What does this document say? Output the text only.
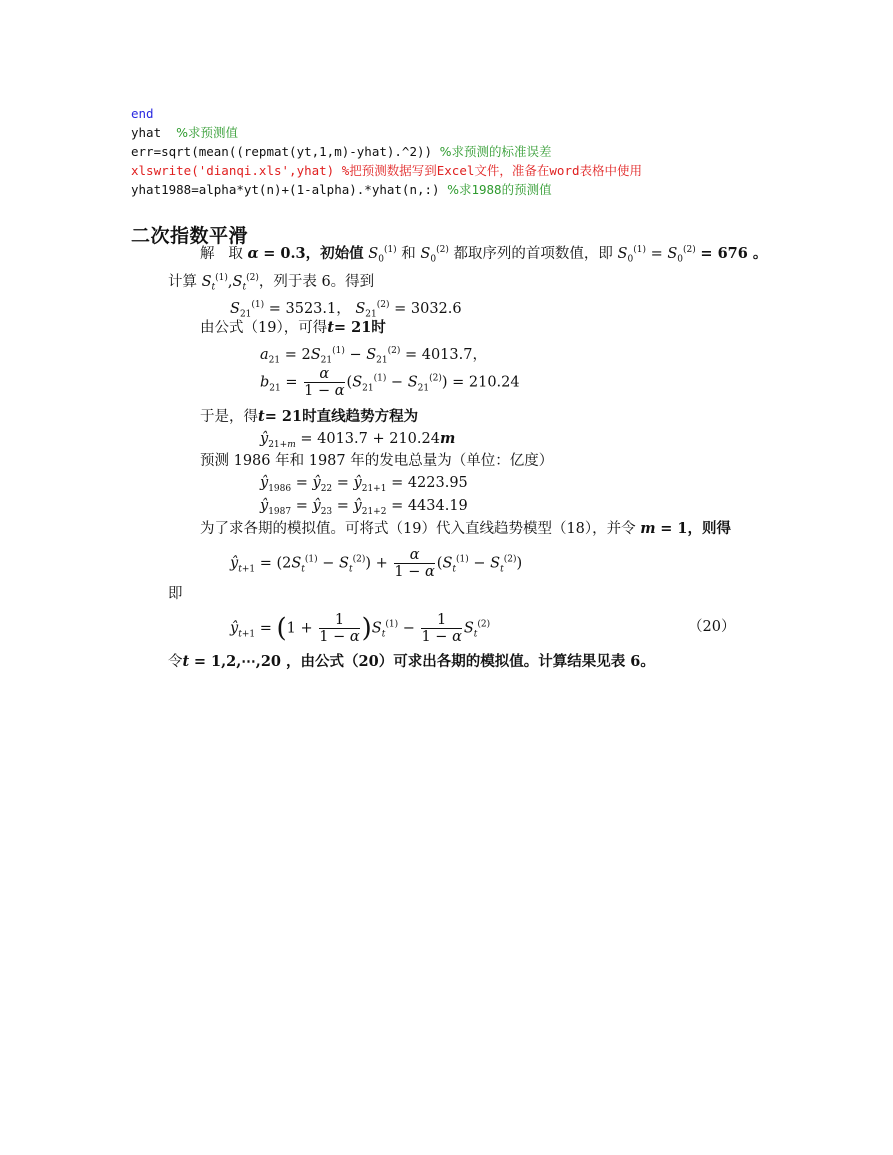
end
yhat  %求预测值
err=sqrt(mean((repmat(yt,1,m)-yhat).^2)) %求预测的标准误差
xlswrite('dianqi.xls',yhat) %把预测数据写到Excel文件，准备在word表格中使用
yhat1988=alpha*yt(n)+(1-alpha).*yhat(n,:) %求1988的预测值
二次指数平滑
解 取 α = 0.3，初始值 $S_0^{(1)}$ 和 $S_0^{(2)}$ 都取序列的首项数值，即 $S_0^{(1)} = S_0^{(2)} = 676$ 。
计算 $S_t^{(1)},S_t^{(2)}$，列于表 6。得到
$S_{21}^{(1)} = 3523.1$， $S_{21}^{(2)} = 3032.6$
由公式（19），可得t= 21时
$a_{21} = 2S_{21}^{(1)} - S_{21}^{(2)} = 4013.7$，
$b_{21} = \frac{\alpha}{1 - \alpha} (S_{21}^{(1)} - S_{21}^{(2)}) = 210.24$
于是，得t= 21时直线趋势方程为
$ŷ_{21+m} = 4013.7 + 210.24m$
预测 1986 年和 1987 年的发电总量为（单位：亿度）
$ŷ_{1986}$ = $ŷ_{22}$ = $ŷ_{21+1} = 4223.95$
$ŷ_{1987}$ = $ŷ_{23}$ = $ŷ_{21+2} = 4434.19$
为了求各期的模拟值。可将式（19）代入直线趋势模型（18），并令 m = 1，则得
$ŷ_{t+1} = (2S_t^{(1)} - S_t^{(2)}) + \frac{\alpha}{1 - \alpha} (S_t^{(1)} - S_t^{(2)})$
即
$ŷ_{t+1} = (1 + \frac{1}{1 - \alpha} )S_t^{(1)} - \frac{1}{1 - \alpha} S_t^{(2)}$	（20）
令t = 1,2,⋯,20 ，由公式（20）可求出各期的模拟值。计算结果见表 6。
